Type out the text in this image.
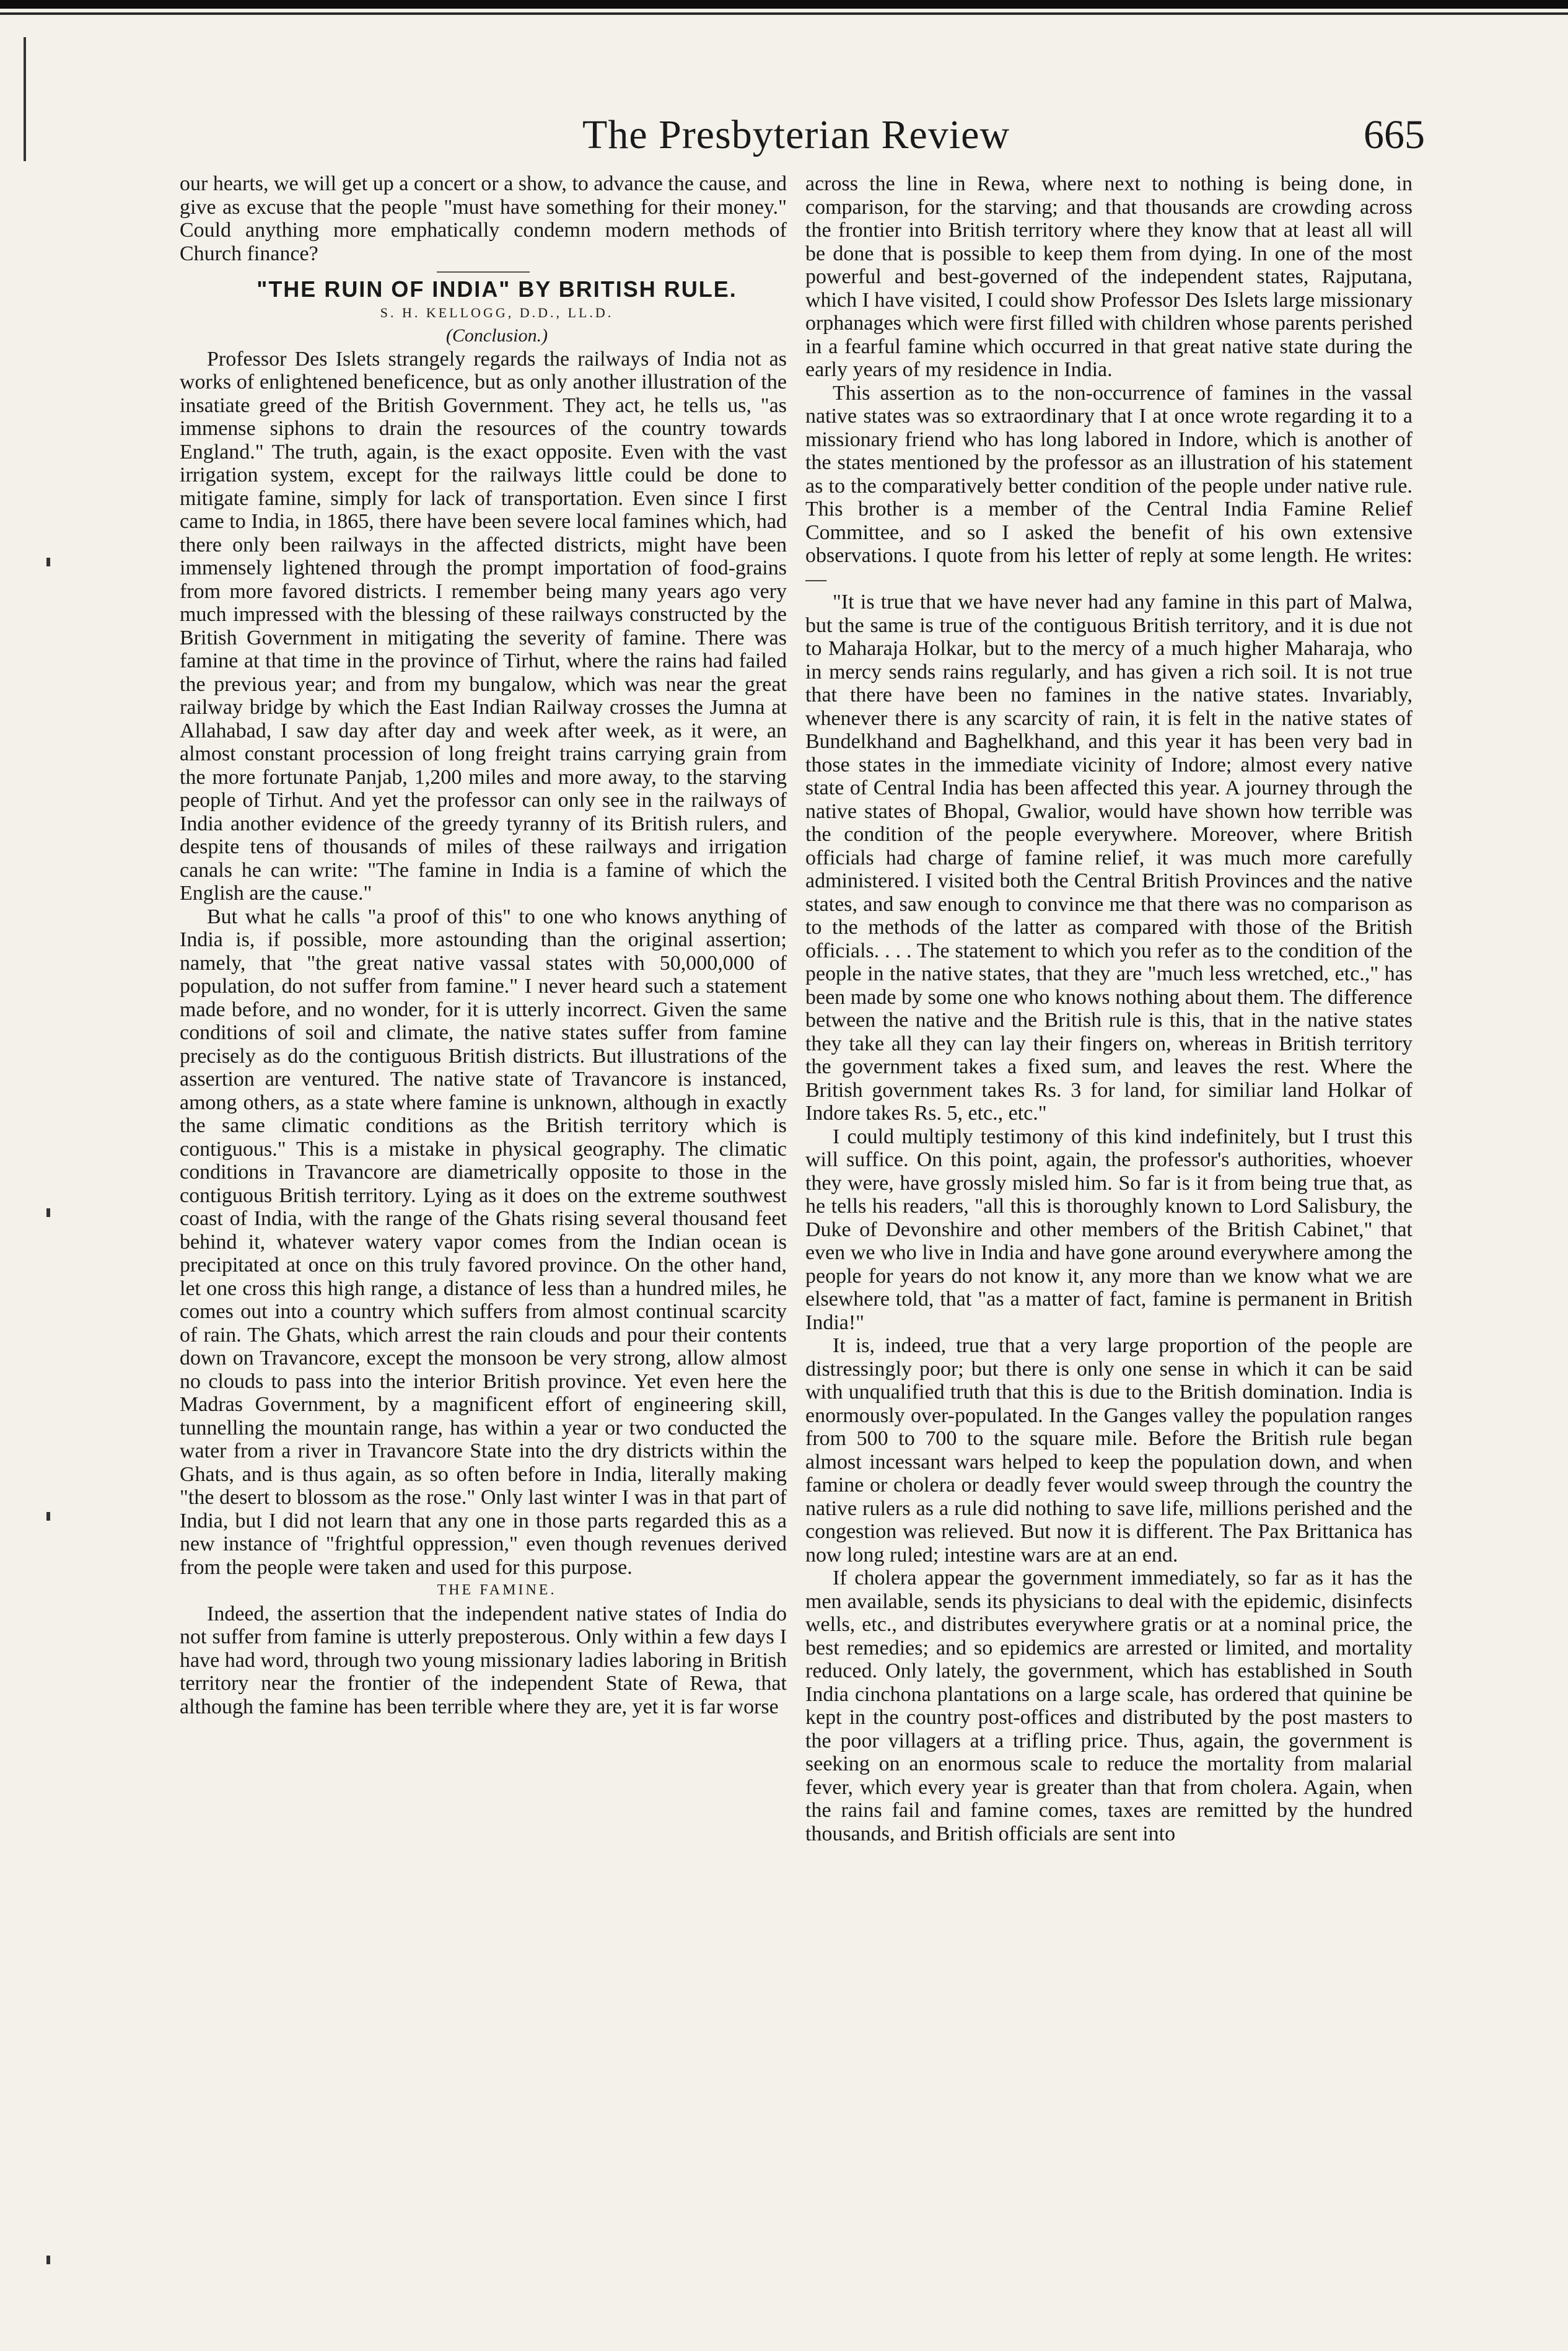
The Presbyterian Review	665

our hearts, we will get up a concert or a show, to advance the cause, and give as excuse that the people "must have something for their money." Could anything more emphatically condemn modern methods of Church finance?

"THE RUIN OF INDIA" BY BRITISH RULE.

S. H. KELLOGG, D.D., LL.D.

(Conclusion.)

Professor Des Islets strangely regards the railways of India not as works of enlightened beneficence, but as only another illustration of the insatiate greed of the British Government. They act, he tells us, "as immense siphons to drain the resources of the country towards England." The truth, again, is the exact opposite. Even with the vast irrigation system, except for the railways little could be done to mitigate famine, simply for lack of transportation. Even since I first came to India, in 1865, there have been severe local famines which, had there only been railways in the affected districts, might have been immensely lightened through the prompt importation of food-grains from more favored districts. I remember being many years ago very much impressed with the blessing of these railways constructed by the British Government in mitigating the severity of famine. There was famine at that time in the province of Tirhut, where the rains had failed the previous year; and from my bungalow, which was near the great railway bridge by which the East Indian Railway crosses the Jumna at Allahabad, I saw day after day and week after week, as it were, an almost constant procession of long freight trains carrying grain from the more fortunate Panjab, 1,200 miles and more away, to the starving people of Tirhut. And yet the professor can only see in the railways of India another evidence of the greedy tyranny of its British rulers, and despite tens of thousands of miles of these railways and irrigation canals he can write: "The famine in India is a famine of which the English are the cause."

But what he calls "a proof of this" to one who knows anything of India is, if possible, more astounding than the original assertion; namely, that "the great native vassal states with 50,000,000 of population, do not suffer from famine." I never heard such a statement made before, and no wonder, for it is utterly incorrect. Given the same conditions of soil and climate, the native states suffer from famine precisely as do the contiguous British districts. But illustrations of the assertion are ventured. The native state of Travancore is instanced, among others, as a state where famine is unknown, although in exactly the same climatic conditions as the British territory which is contiguous." This is a mistake in physical geography. The climatic conditions in Travancore are diametrically opposite to those in the contiguous British territory. Lying as it does on the extreme southwest coast of India, with the range of the Ghats rising several thousand feet behind it, whatever watery vapor comes from the Indian ocean is precipitated at once on this truly favored province. On the other hand, let one cross this high range, a distance of less than a hundred miles, he comes out into a country which suffers from almost continual scarcity of rain. The Ghats, which arrest the rain clouds and pour their contents down on Travancore, except the monsoon be very strong, allow almost no clouds to pass into the interior British province. Yet even here the Madras Government, by a magnificent effort of engineering skill, tunnelling the mountain range, has within a year or two conducted the water from a river in Travancore State into the dry districts within the Ghats, and is thus again, as so often before in India, literally making "the desert to blossom as the rose." Only last winter I was in that part of India, but I did not learn that any one in those parts regarded this as a new instance of "frightful oppression," even though revenues derived from the people were taken and used for this purpose.

THE FAMINE.

Indeed, the assertion that the independent native states of India do not suffer from famine is utterly preposterous. Only within a few days I have had word, through two young missionary ladies laboring in British territory near the frontier of the independent State of Rewa, that although the famine has been terrible where they are, yet it is far worse

across the line in Rewa, where next to nothing is being done, in comparison, for the starving; and that thousands are crowding across the frontier into British territory where they know that at least all will be done that is possible to keep them from dying. In one of the most powerful and best-governed of the independent states, Rajputana, which I have visited, I could show Professor Des Islets large missionary orphanages which were first filled with children whose parents perished in a fearful famine which occurred in that great native state during the early years of my residence in India.

This assertion as to the non-occurrence of famines in the vassal native states was so extraordinary that I at once wrote regarding it to a missionary friend who has long labored in Indore, which is another of the states mentioned by the professor as an illustration of his statement as to the comparatively better condition of the people under native rule. This brother is a member of the Central India Famine Relief Committee, and so I asked the benefit of his own extensive observations. I quote from his letter of reply at some length. He writes:—

"It is true that we have never had any famine in this part of Malwa, but the same is true of the contiguous British territory, and it is due not to Maharaja Holkar, but to the mercy of a much higher Maharaja, who in mercy sends rains regularly, and has given a rich soil. It is not true that there have been no famines in the native states. Invariably, whenever there is any scarcity of rain, it is felt in the native states of Bundelkhand and Baghelkhand, and this year it has been very bad in those states in the immediate vicinity of Indore; almost every native state of Central India has been affected this year. A journey through the native states of Bhopal, Gwalior, would have shown how terrible was the condition of the people everywhere. Moreover, where British officials had charge of famine relief, it was much more carefully administered. I visited both the Central British Provinces and the native states, and saw enough to convince me that there was no comparison as to the methods of the latter as compared with those of the British officials. . . . The statement to which you refer as to the condition of the people in the native states, that they are "much less wretched, etc.," has been made by some one who knows nothing about them. The difference between the native and the British rule is this, that in the native states they take all they can lay their fingers on, whereas in British territory the government takes a fixed sum, and leaves the rest. Where the British government takes Rs. 3 for land, for similiar land Holkar of Indore takes Rs. 5, etc., etc."

I could multiply testimony of this kind indefinitely, but I trust this will suffice. On this point, again, the professor's authorities, whoever they were, have grossly misled him. So far is it from being true that, as he tells his readers, "all this is thoroughly known to Lord Salisbury, the Duke of Devonshire and other members of the British Cabinet," that even we who live in India and have gone around everywhere among the people for years do not know it, any more than we know what we are elsewhere told, that "as a matter of fact, famine is permanent in British India!"

It is, indeed, true that a very large proportion of the people are distressingly poor; but there is only one sense in which it can be said with unqualified truth that this is due to the British domination. India is enormously over-populated. In the Ganges valley the population ranges from 500 to 700 to the square mile. Before the British rule began almost incessant wars helped to keep the population down, and when famine or cholera or deadly fever would sweep through the country the native rulers as a rule did nothing to save life, millions perished and the congestion was relieved. But now it is different. The Pax Brittanica has now long ruled; intestine wars are at an end.

If cholera appear the government immediately, so far as it has the men available, sends its physicians to deal with the epidemic, disinfects wells, etc., and distributes everywhere gratis or at a nominal price, the best remedies; and so epidemics are arrested or limited, and mortality reduced. Only lately, the government, which has established in South India cinchona plantations on a large scale, has ordered that quinine be kept in the country post-offices and distributed by the post masters to the poor villagers at a trifling price. Thus, again, the government is seeking on an enormous scale to reduce the mortality from malarial fever, which every year is greater than that from cholera. Again, when the rains fail and famine comes, taxes are remitted by the hundred thousands, and British officials are sent into
